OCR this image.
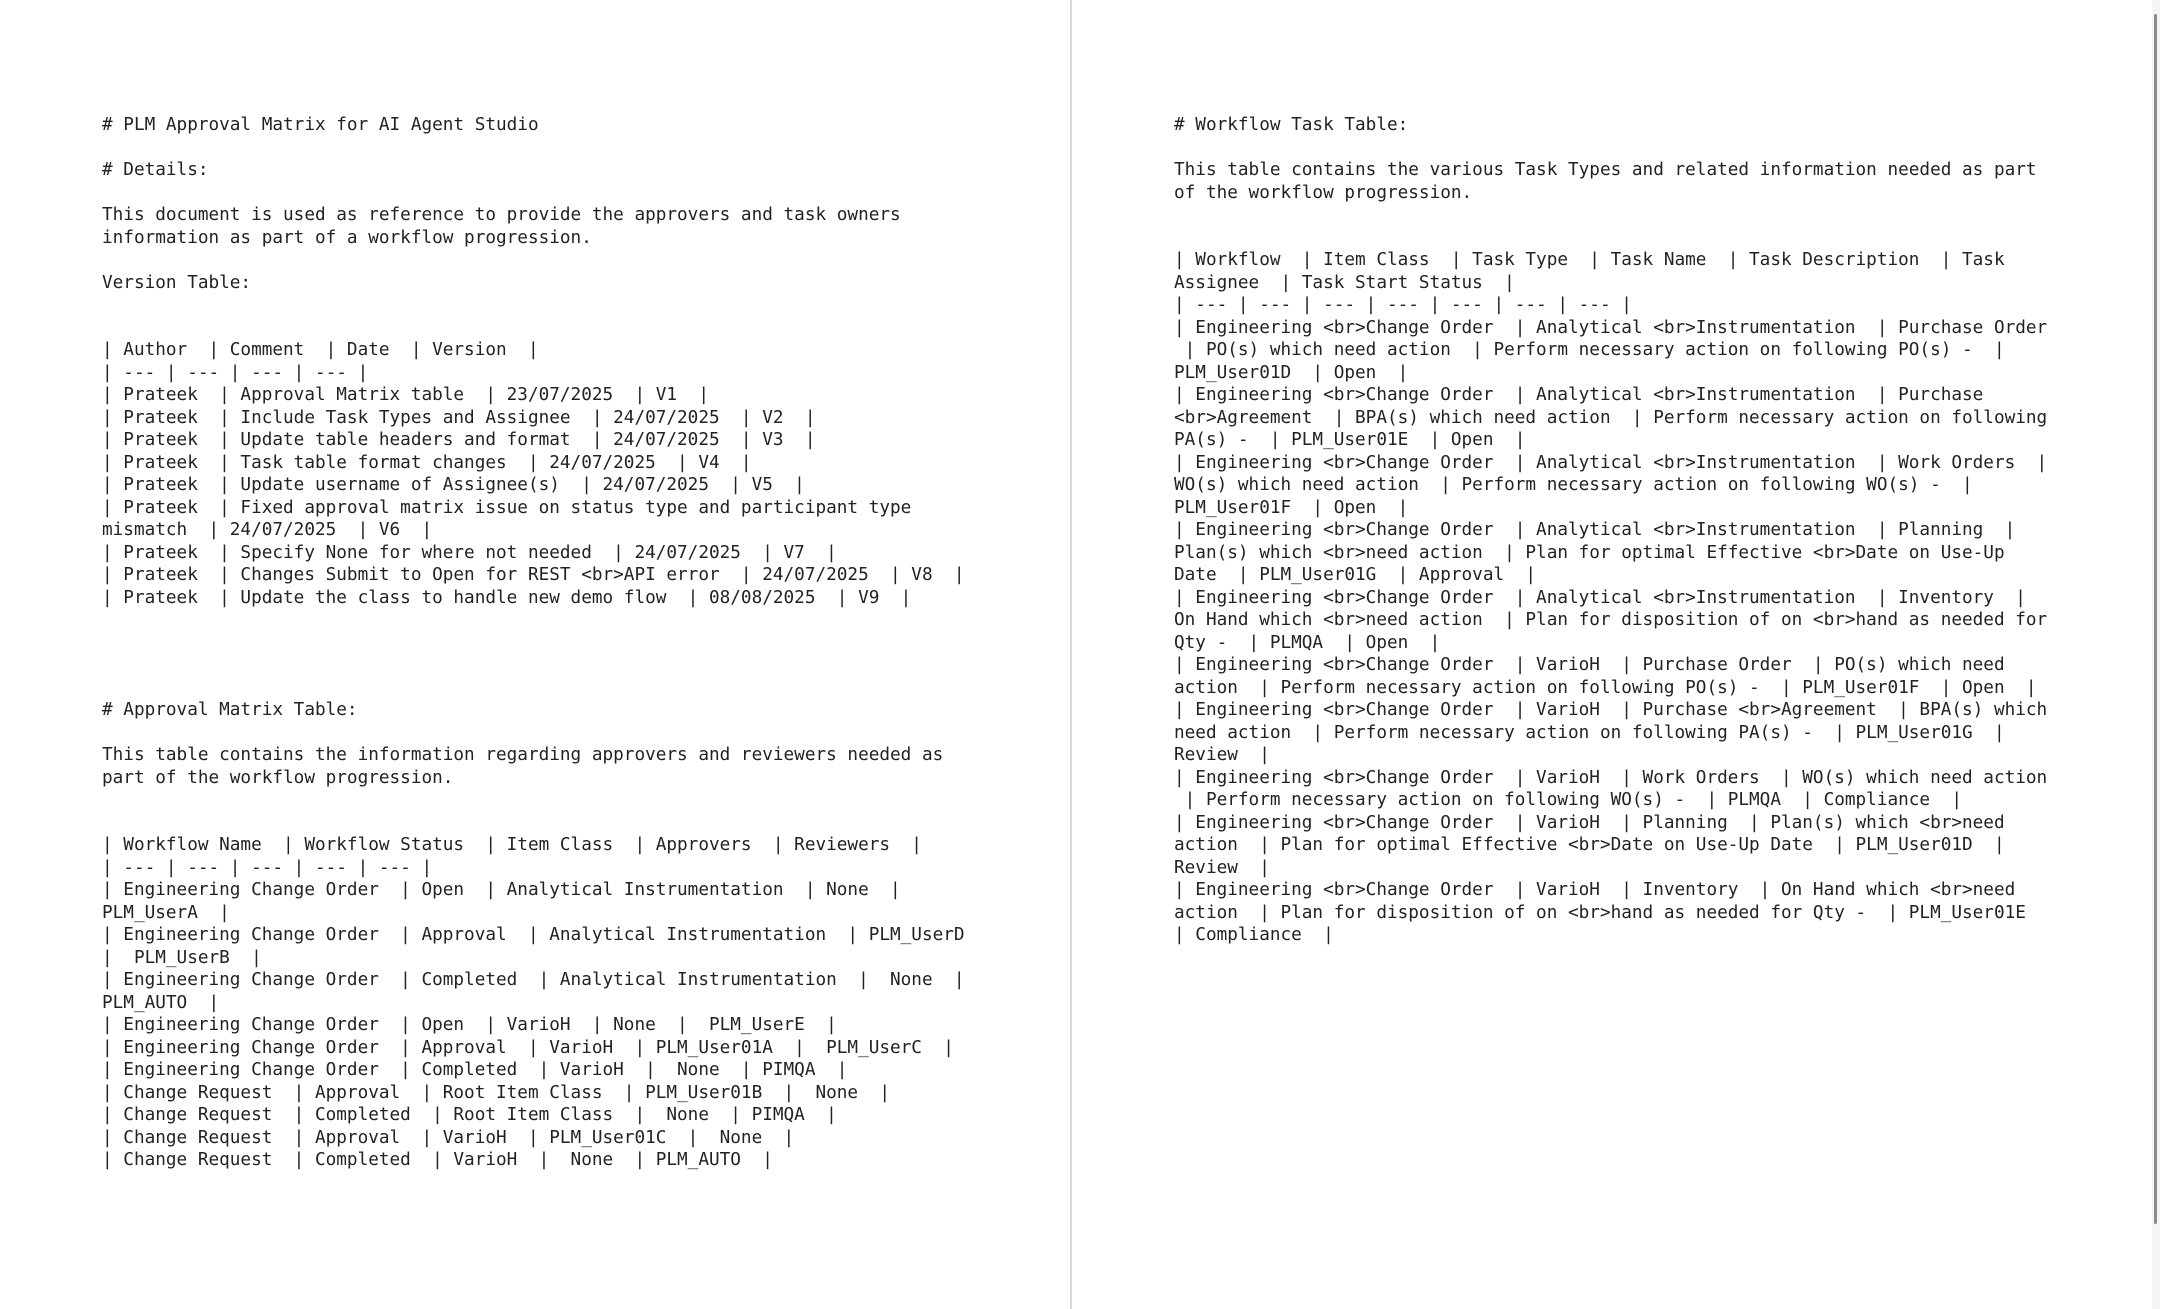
# PLM Approval Matrix for AI Agent Studio

# Details:

This document is used as reference to provide the approvers and task owners
information as part of a workflow progression.

Version Table:

| Author  | Comment  | Date  | Version  |
| --- | --- | --- | --- |
| Prateek  | Approval Matrix table  | 23/07/2025  | V1  |
| Prateek  | Include Task Types and Assignee  | 24/07/2025  | V2  |
| Prateek  | Update table headers and format  | 24/07/2025  | V3  |
| Prateek  | Task table format changes  | 24/07/2025  | V4  |
| Prateek  | Update username of Assignee(s)  | 24/07/2025  | V5  |
| Prateek  | Fixed approval matrix issue on status type and participant type
mismatch  | 24/07/2025  | V6  |
| Prateek  | Specify None for where not needed  | 24/07/2025  | V7  |
| Prateek  | Changes Submit to Open for REST <br>API error  | 24/07/2025  | V8  |
| Prateek  | Update the class to handle new demo flow  | 08/08/2025  | V9  |

# Approval Matrix Table:

This table contains the information regarding approvers and reviewers needed as
part of the workflow progression.

| Workflow Name  | Workflow Status  | Item Class  | Approvers  | Reviewers  |
| --- | --- | --- | --- | --- |
| Engineering Change Order  | Open  | Analytical Instrumentation  | None  |
PLM_UserA  |
| Engineering Change Order  | Approval  | Analytical Instrumentation  | PLM_UserD
|  PLM_UserB  |
| Engineering Change Order  | Completed  | Analytical Instrumentation  |  None  |
PLM_AUTO  |
| Engineering Change Order  | Open  | VarioH  | None  |  PLM_UserE  |
| Engineering Change Order  | Approval  | VarioH  | PLM_User01A  |  PLM_UserC  |
| Engineering Change Order  | Completed  | VarioH  |  None  | PIMQA  |
| Change Request  | Approval  | Root Item Class  | PLM_User01B  |  None  |
| Change Request  | Completed  | Root Item Class  |  None  | PIMQA  |
| Change Request  | Approval  | VarioH  | PLM_User01C  |  None  |
| Change Request  | Completed  | VarioH  |  None  | PLM_AUTO  |
# Workflow Task Table:

This table contains the various Task Types and related information needed as part
of the workflow progression.

| Workflow  | Item Class  | Task Type  | Task Name  | Task Description  | Task
Assignee  | Task Start Status  |
| --- | --- | --- | --- | --- | --- | --- |
| Engineering <br>Change Order  | Analytical <br>Instrumentation  | Purchase Order
| PO(s) which need action  | Perform necessary action on following PO(s) -  |
PLM_User01D  | Open  |
| Engineering <br>Change Order  | Analytical <br>Instrumentation  | Purchase
<br>Agreement  | BPA(s) which need action  | Perform necessary action on following
PA(s) -  | PLM_User01E  | Open  |
| Engineering <br>Change Order  | Analytical <br>Instrumentation  | Work Orders  |
WO(s) which need action  | Perform necessary action on following WO(s) -  |
PLM_User01F  | Open  |
| Engineering <br>Change Order  | Analytical <br>Instrumentation  | Planning  |
Plan(s) which <br>need action  | Plan for optimal Effective <br>Date on Use-Up
Date  | PLM_User01G  | Approval  |
| Engineering <br>Change Order  | Analytical <br>Instrumentation  | Inventory  |
On Hand which <br>need action  | Plan for disposition of on <br>hand as needed for
Qty -  | PLMQA  | Open  |
| Engineering <br>Change Order  | VarioH  | Purchase Order  | PO(s) which need
action  | Perform necessary action on following PO(s) -  | PLM_User01F  | Open  |
| Engineering <br>Change Order  | VarioH  | Purchase <br>Agreement  | BPA(s) which
need action  | Perform necessary action on following PA(s) -  | PLM_User01G  |
Review  |
| Engineering <br>Change Order  | VarioH  | Work Orders  | WO(s) which need action
| Perform necessary action on following WO(s) -  | PLMQA  | Compliance  |
| Engineering <br>Change Order  | VarioH  | Planning  | Plan(s) which <br>need
action  | Plan for optimal Effective <br>Date on Use-Up Date  | PLM_User01D  |
Review  |
| Engineering <br>Change Order  | VarioH  | Inventory  | On Hand which <br>need
action  | Plan for disposition of on <br>hand as needed for Qty -  | PLM_User01E
| Compliance  |
